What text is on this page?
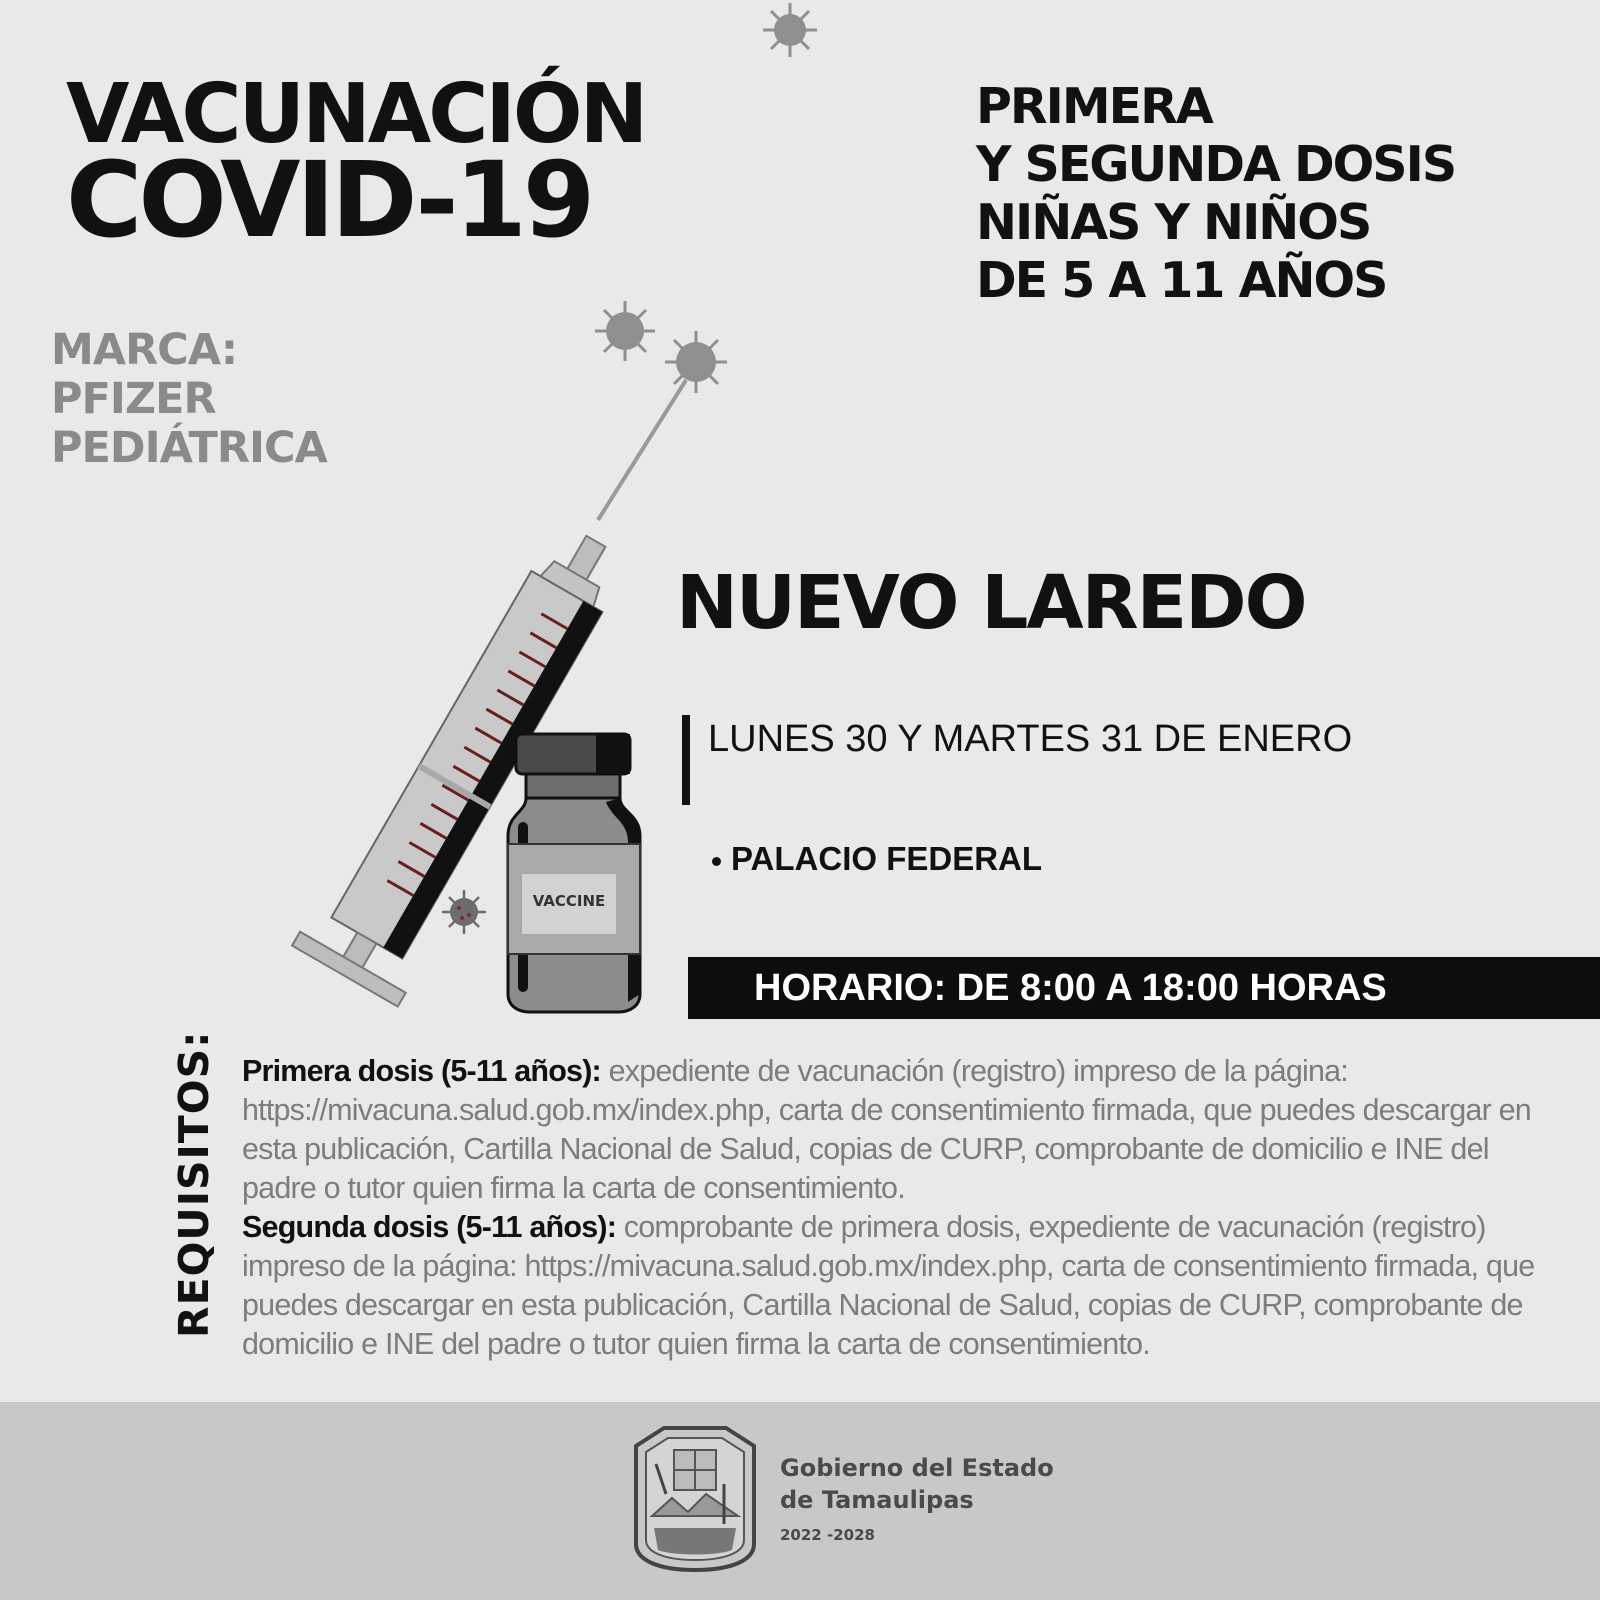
VACUNACIÓN
COVID-19
PRIMERA
Y SEGUNDA DOSIS
NIÑAS Y NIÑOS
DE 5 A 11 AÑOS
MARCA:
PFIZER
PEDIÁTRICA
VACCINE
NUEVO LAREDO
LUNES 30 Y MARTES 31 DE ENERO
PALACIO FEDERAL
HORARIO: DE 8:00 A 18:00 HORAS
REQUISITOS: Primera dosis (5-11 años): expediente de vacunación (registro) impreso de la página: https://mivacuna.salud.gob.mx/index.php, carta de consentimiento firmada, que puedes descargar en esta publicación, Cartilla Nacional de Salud, copias de CURP, comprobante de domicilio e INE del padre o tutor quien firma la carta de consentimiento.

Segunda dosis (5-11 años): comprobante de primera dosis, expediente de vacunación (registro) impreso de la página: https://mivacuna.salud.gob.mx/index.php, carta de consentimiento firmada, que puedes descargar en esta publicación, Cartilla Nacional de Salud, copias de CURP, comprobante de domicilio e INE del padre o tutor quien firma la carta de consentimiento.

Gobierno del Estado
de Tamaulipas
2022 -2028
